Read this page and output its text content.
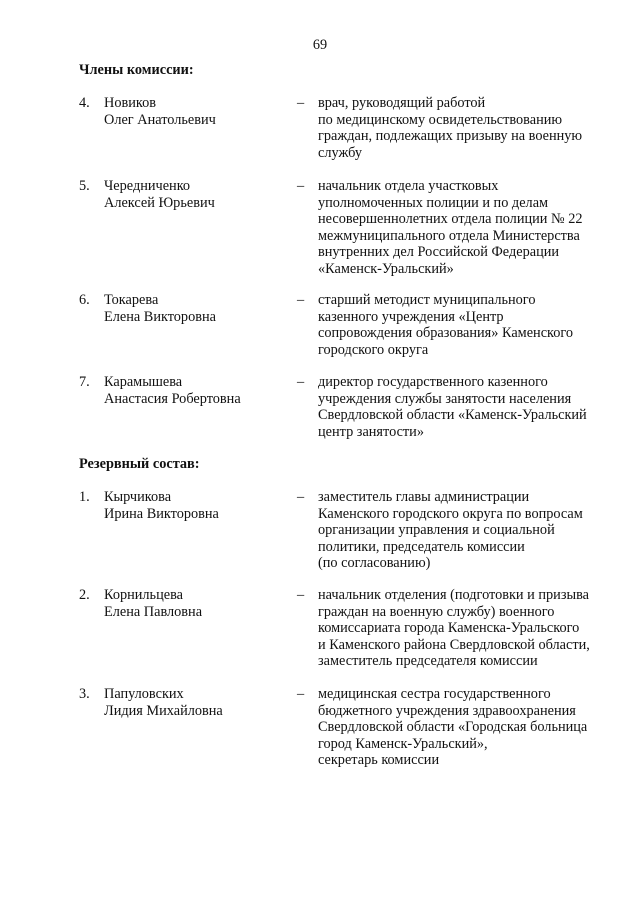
69
Члены комиссии:
4. Новиков
Олег Анатольевич
– врач, руководящий работой
по медицинскому освидетельствованию
граждан, подлежащих призыву на военную
службу
5. Чередниченко
Алексей Юрьевич
– начальник отдела участковых
уполномоченных полиции и по делам
несовершеннолетних отдела полиции № 22
межмуниципального отдела Министерства
внутренних дел Российской Федерации
«Каменск-Уральский»
6. Токарева
Елена Викторовна
– старший методист муниципального
казенного учреждения «Центр
сопровождения образования» Каменского
городского округа
7. Карамышева
Анастасия Робертовна
– директор государственного казенного
учреждения службы занятости населения
Свердловской области «Каменск-Уральский
центр занятости»
Резервный состав:
1. Кырчикова
Ирина Викторовна
– заместитель главы администрации
Каменского городского округа по вопросам
организации управления и социальной
политики, председатель комиссии
(по согласованию)
2. Корнильцева
Елена Павловна
– начальник отделения (подготовки и призыва
граждан на военную службу) военного
комиссариата города Каменска-Уральского
и Каменского района Свердловской области,
заместитель председателя комиссии
3. Папуловских
Лидия Михайловна
– медицинская сестра государственного
бюджетного учреждения здравоохранения
Свердловской области «Городская больница
город Каменск-Уральский»,
секретарь комиссии
